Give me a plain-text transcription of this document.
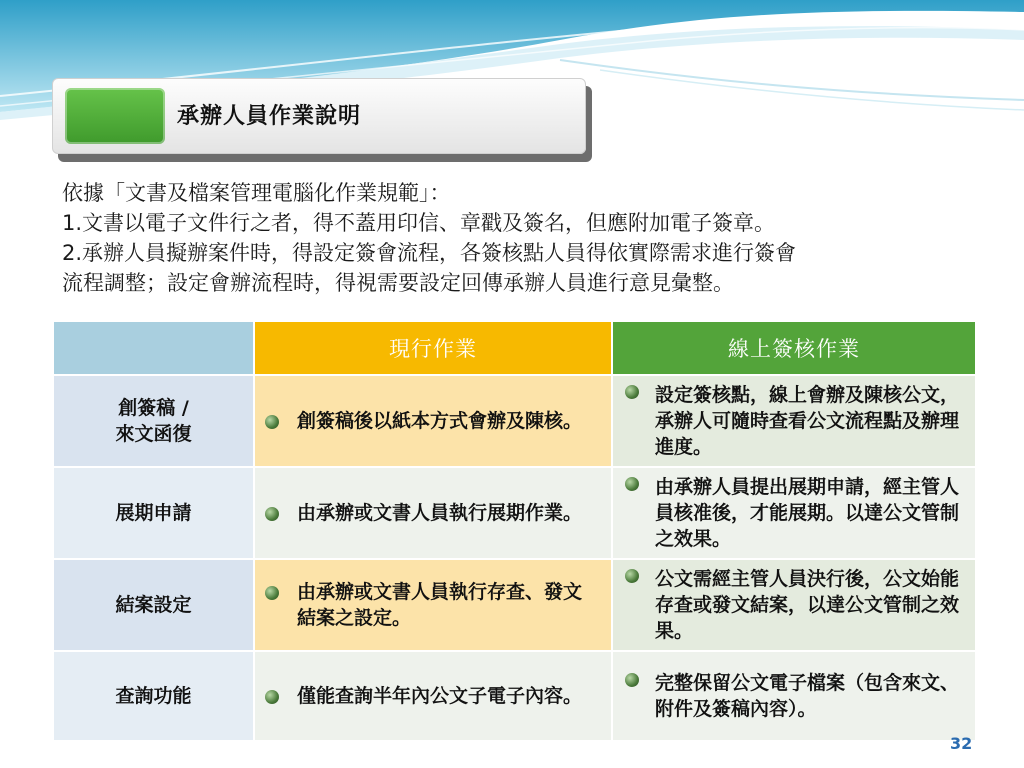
承辦人員作業說明

依據「文書及檔案管理電腦化作業規範」：

1.文書以電子文件行之者，得不蓋用印信、章戳及簽名，但應附加電子簽章。

2.承辦人員擬辦案件時，得設定簽會流程，各簽核點人員得依實際需求進行簽會

流程調整；設定會辦流程時，得視需要設定回傳承辦人員進行意見彙整。

	現行作業	線上簽核作業

創簽稿 /
來文函復	創簽稿後以紙本方式會辦及陳核。	設定簽核點，線上會辦及陳核公文，承辦人可隨時查看公文流程點及辦理進度。

展期申請	由承辦或文書人員執行展期作業。	由承辦人員提出展期申請，經主管人員核准後，才能展期。以達公文管制之效果。

結案設定	由承辦或文書人員執行存查、發文結案之設定。	公文需經主管人員決行後，公文始能存查或發文結案，以達公文管制之效果。

查詢功能	僅能查詢半年內公文子電子內容。	完整保留公文電子檔案（包含來文、附件及簽稿內容）。
32
